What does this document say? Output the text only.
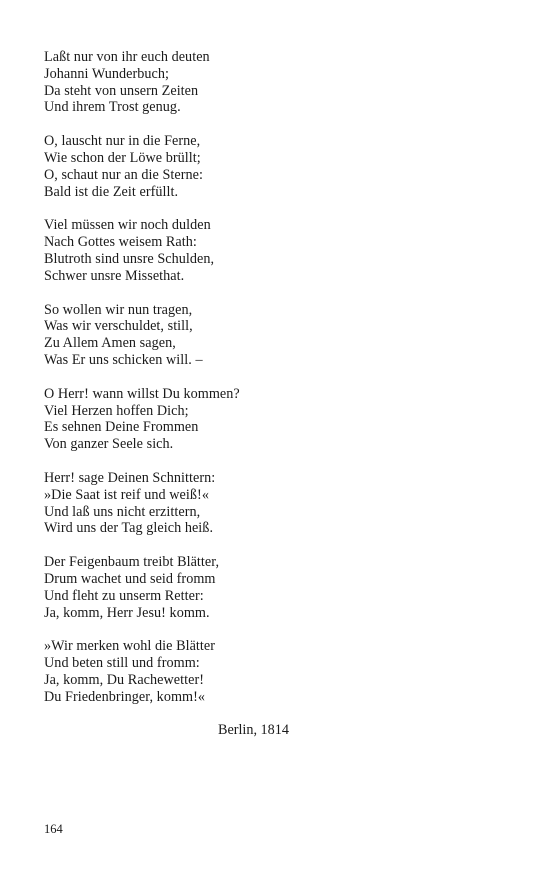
Laßt nur von ihr euch deuten
Johanni Wunderbuch;
Da steht von unsern Zeiten
Und ihrem Trost genug.
O, lauscht nur in die Ferne,
Wie schon der Löwe brüllt;
O, schaut nur an die Sterne:
Bald ist die Zeit erfüllt.
Viel müssen wir noch dulden
Nach Gottes weisem Rath:
Blutroth sind unsre Schulden,
Schwer unsre Missethat.
So wollen wir nun tragen,
Was wir verschuldet, still,
Zu Allem Amen sagen,
Was Er uns schicken will. –
O Herr! wann willst Du kommen?
Viel Herzen hoffen Dich;
Es sehnen Deine Frommen
Von ganzer Seele sich.
Herr! sage Deinen Schnittern:
»Die Saat ist reif und weiß!«
Und laß uns nicht erzittern,
Wird uns der Tag gleich heiß.
Der Feigenbaum treibt Blätter,
Drum wachet und seid fromm
Und fleht zu unserm Retter:
Ja, komm, Herr Jesu! komm.
»Wir merken wohl die Blätter
Und beten still und fromm:
Ja, komm, Du Rachewetter!
Du Friedenbringer, komm!«
Berlin, 1814
164
